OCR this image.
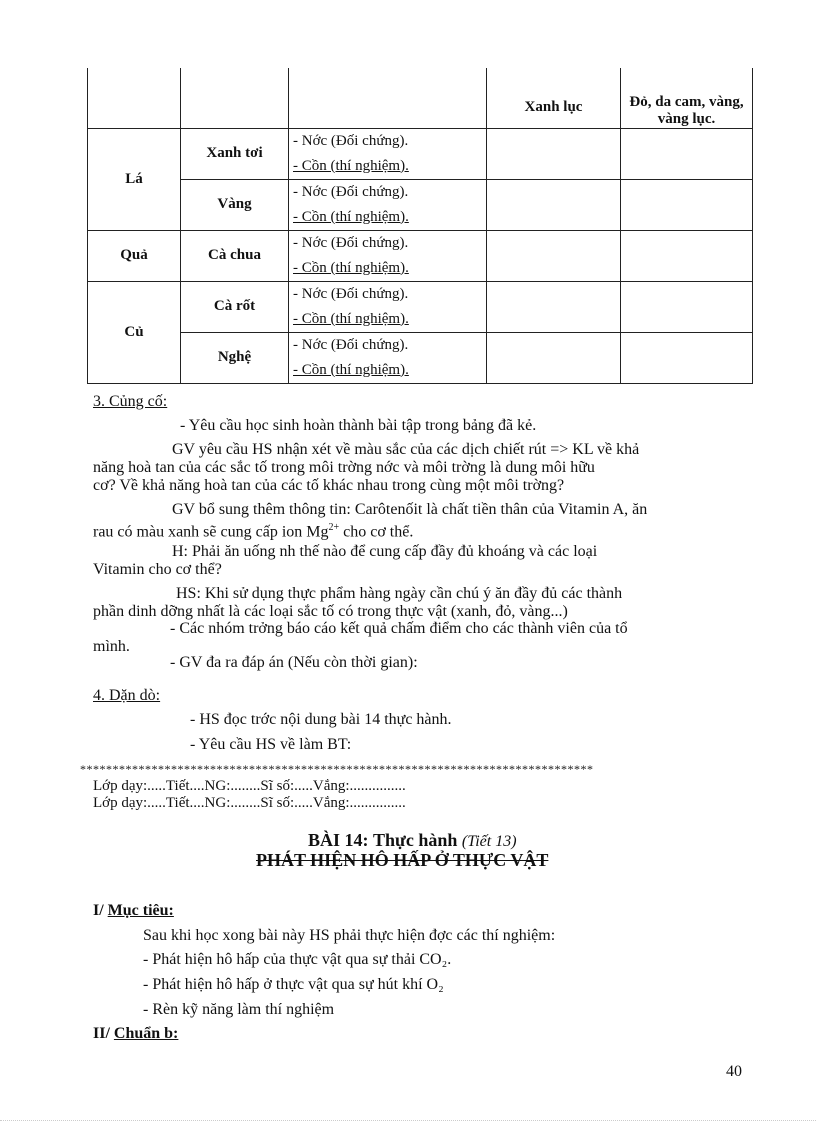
			Xanh lục	Đỏ, da cam, vàng, vàng lục.
Lá	Xanh tơi	- Nớc (Đối chứng).
- Cồn (thí nghiệm).		

	Vàng	- Nớc (Đối chứng).
- Cồn (thí nghiệm).		

Quả	Cà chua	- Nớc (Đối chứng).
- Cồn (thí nghiệm).		

Củ	Cà rốt	- Nớc (Đối chứng).
- Cồn (thí nghiệm).		

	Nghệ	- Nớc (Đối chứng).
- Cồn (thí nghiệm).		

3. Củng cố:

- Yêu cầu học sinh hoàn thành bài tập trong bảng đã kẻ.

GV yêu cầu HS nhận xét về màu sắc của các dịch chiết rút => KL về khả

năng hoà tan của các sắc tố trong môi trờng nớc và môi trờng là dung môi hữu

cơ? Về khả năng hoà tan của các tố khác nhau trong cùng một môi trờng?

GV bổ sung thêm thông tin: Carôtenốit là chất tiền thân của Vitamin A, ăn

rau có màu xanh sẽ cung cấp ion $Mg^{2+}$ cho cơ thể.

H: Phải ăn uống nh thế nào để cung cấp đầy đủ khoáng và các loại

Vitamin cho cơ thể?

HS: Khi sử dụng thực phẩm hàng ngày cần chú ý ăn đầy đủ các thành

phần dinh dỡng nhất là các loại sắc tố có trong thực vật (xanh, đỏ, vàng...)

- Các nhóm trởng báo cáo kết quả chấm điểm cho các thành viên của tổ

mình.

- GV đa ra đáp án (Nếu còn thời gian):

4. Dặn dò:

- HS đọc trớc nội dung bài 14 thực hành.

- Yêu cầu HS về làm BT:

*******************************************************************************

Lớp dạy:.....Tiết....NG:........Sĩ số:.....Vắng:...............

Lớp dạy:.....Tiết....NG:........Sĩ số:.....Vắng:...............

BÀI 14: Thực hành (Tiết 13)

PHÁT HIỆN HÔ HẤP Ở THỰC VẬT

I/ Mục tiêu:

Sau khi học xong bài này HS phải thực hiện đợc các thí nghiệm:

- Phát hiện hô hấp của thực vật qua sự thải CO₂.

- Phát hiện hô hấp ở thực vật qua sự hút khí O₂

- Rèn kỹ năng làm thí nghiệm

II/ Chuẩn b:

40
